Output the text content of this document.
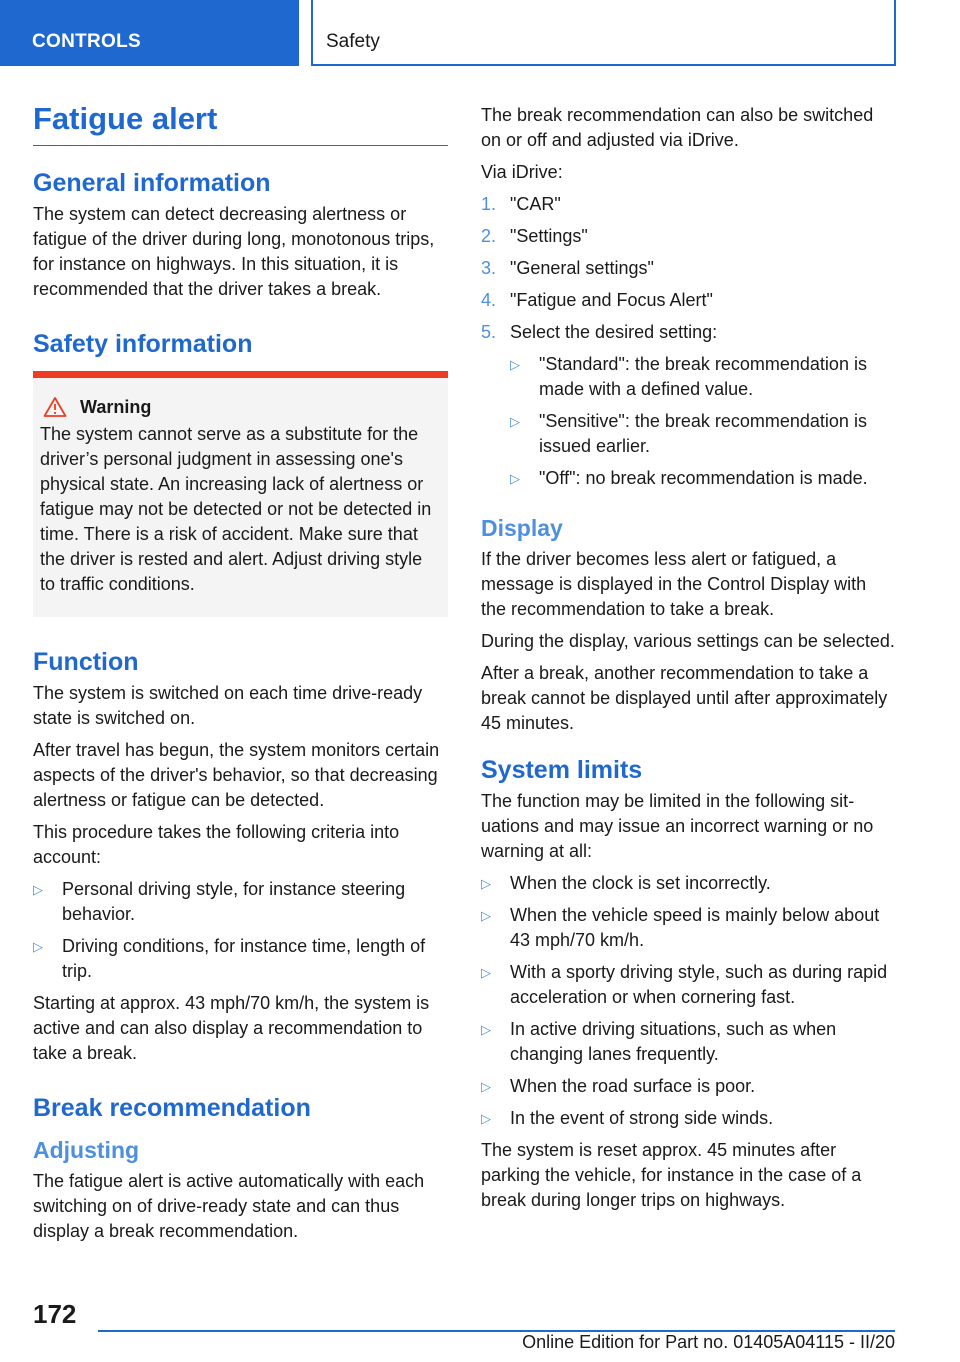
CONTROLS	Safety
Fatigue alert
General information

The system can detect decreasing alertness or fatigue of the driver during long, monotonous trips, for instance on highways. In this situation, it is recommended that the driver takes a break.

Safety information
Warning

The system cannot serve as a substitute for the driver’s personal judgment in assessing one's physical state. An increasing lack of alertness or fatigue may not be detected or not be detected in time. There is a risk of accident. Make sure that the driver is rested and alert. Adjust driving style to traffic conditions.

Function

The system is switched on each time drive-ready state is switched on.

After travel has begun, the system monitors certain aspects of the driver's behavior, so that decreasing alertness or fatigue can be detected.

This procedure takes the following criteria into account:

▷	Personal driving style, for instance steering behavior.
▷	Driving conditions, for instance time, length of trip.

Starting at approx. 43 mph/70 km/h, the system is active and can also display a recommendation to take a break.

Break recommendation
Adjusting

The fatigue alert is active automatically with each switching on of drive-ready state and can thus display a break recommendation.

The break recommendation can also be switched on or off and adjusted via iDrive.

Via iDrive:

1. "CAR"
2. "Settings"
3. "General settings"
4. "Fatigue and Focus Alert"
5. Select the desired setting:
▷	"Standard": the break recommendation is made with a defined value.
▷	"Sensitive": the break recommendation is issued earlier.
▷	"Off": no break recommendation is made.
Display

If the driver becomes less alert or fatigued, a message is displayed in the Control Display with the recommendation to take a break.

During the display, various settings can be selected.

After a break, another recommendation to take a break cannot be displayed until after approximately 45 minutes.

System limits

The function may be limited in the following situations and may issue an incorrect warning or no warning at all:

▷	When the clock is set incorrectly.
▷	When the vehicle speed is mainly below about 43 mph/70 km/h.
▷	With a sporty driving style, such as during rapid acceleration or when cornering fast.
▷	In active driving situations, such as when changing lanes frequently.
▷	When the road surface is poor.
▷	In the event of strong side winds.

The system is reset approx. 45 minutes after parking the vehicle, for instance in the case of a break during longer trips on highways.

172
Online Edition for Part no. 01405A04115 - II/20
